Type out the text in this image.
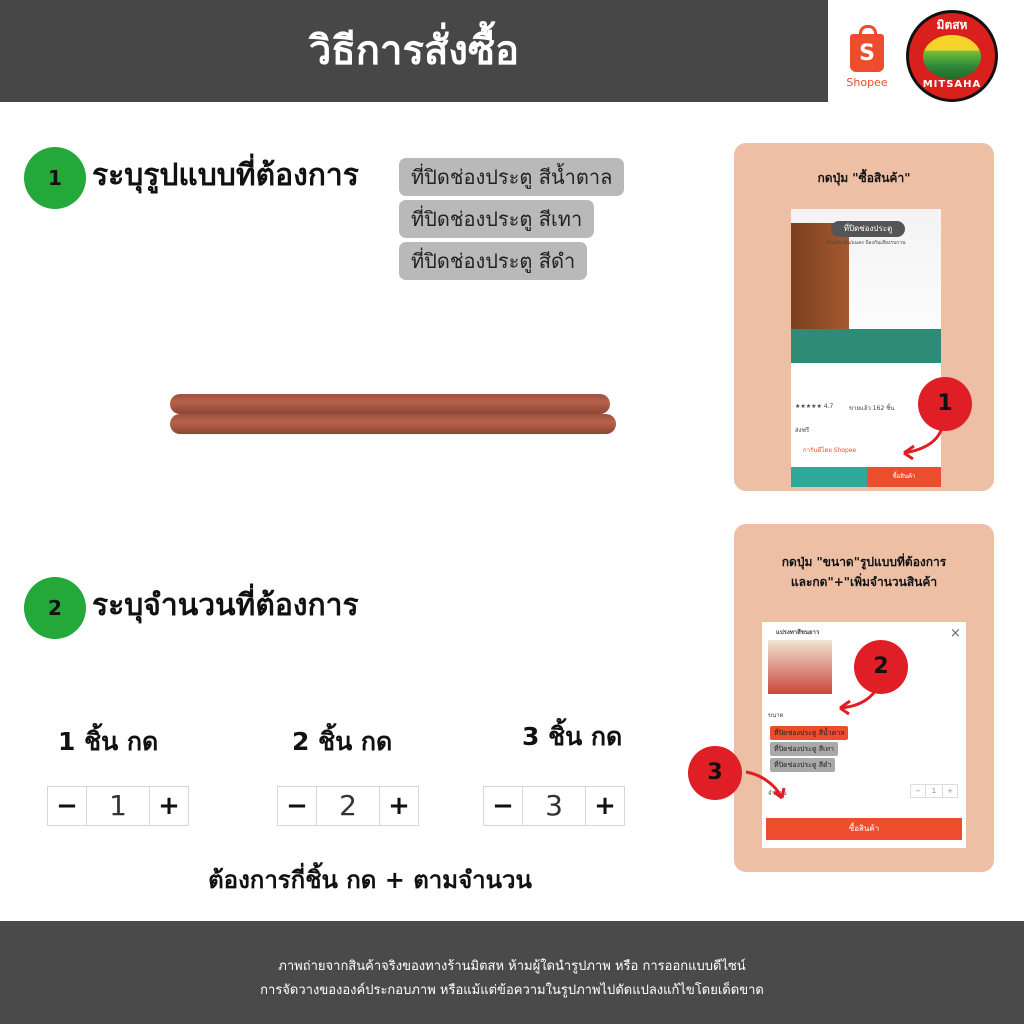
วิธีการสั่งซื้อ	S
Shopee
มิตสห
MITSAHA
1	ระบุรูปแบบที่ต้องการ	ที่ปิดช่องประตู สีน้ำตาล
ที่ปิดช่องประตู สีเทา
ที่ปิดช่องประตู สีดำ
2	ระบุจำนวนที่ต้องการ
1 ชิ้น กด	2 ชิ้น กด	3 ชิ้น กด
−	1	+	−	2	+	−	3	+
ต้องการกี่ชิ้น กด + ตามจำนวน
กดปุ่ม "ซื้อสินค้า"
ที่ปิดช่องประตู
ช่วยกัน ฝุ่น/แมลง ป้องกันเสียงรบกวน
★★★★★ 4.7	ขายแล้ว 162 ชิ้น
ส่งฟรี
การันตีโดย Shopee
ซื้อสินค้า
1
กดปุ่ม "ขนาด"รูปแบบที่ต้องการ
และกด"+"เพิ่มจำนวนสินค้า
แปรงทาสีขนยาว	×
ขนาด
ที่ปิดช่องประตู สีน้ำตาล
ที่ปิดช่องประตู สีเทา
ที่ปิดช่องประตู สีดำ
จำนวน	−	1	+
ซื้อสินค้า
2
3
ภาพถ่ายจากสินค้าจริงของทางร้านมิตสห ห้ามผู้ใดนำรูปภาพ หรือ การออกแบบดีไซน์
การจัดวางขององค์ประกอบภาพ หรือแม้แต่ข้อความในรูปภาพไปดัดแปลงแก้ไขโดยเด็ดขาด
